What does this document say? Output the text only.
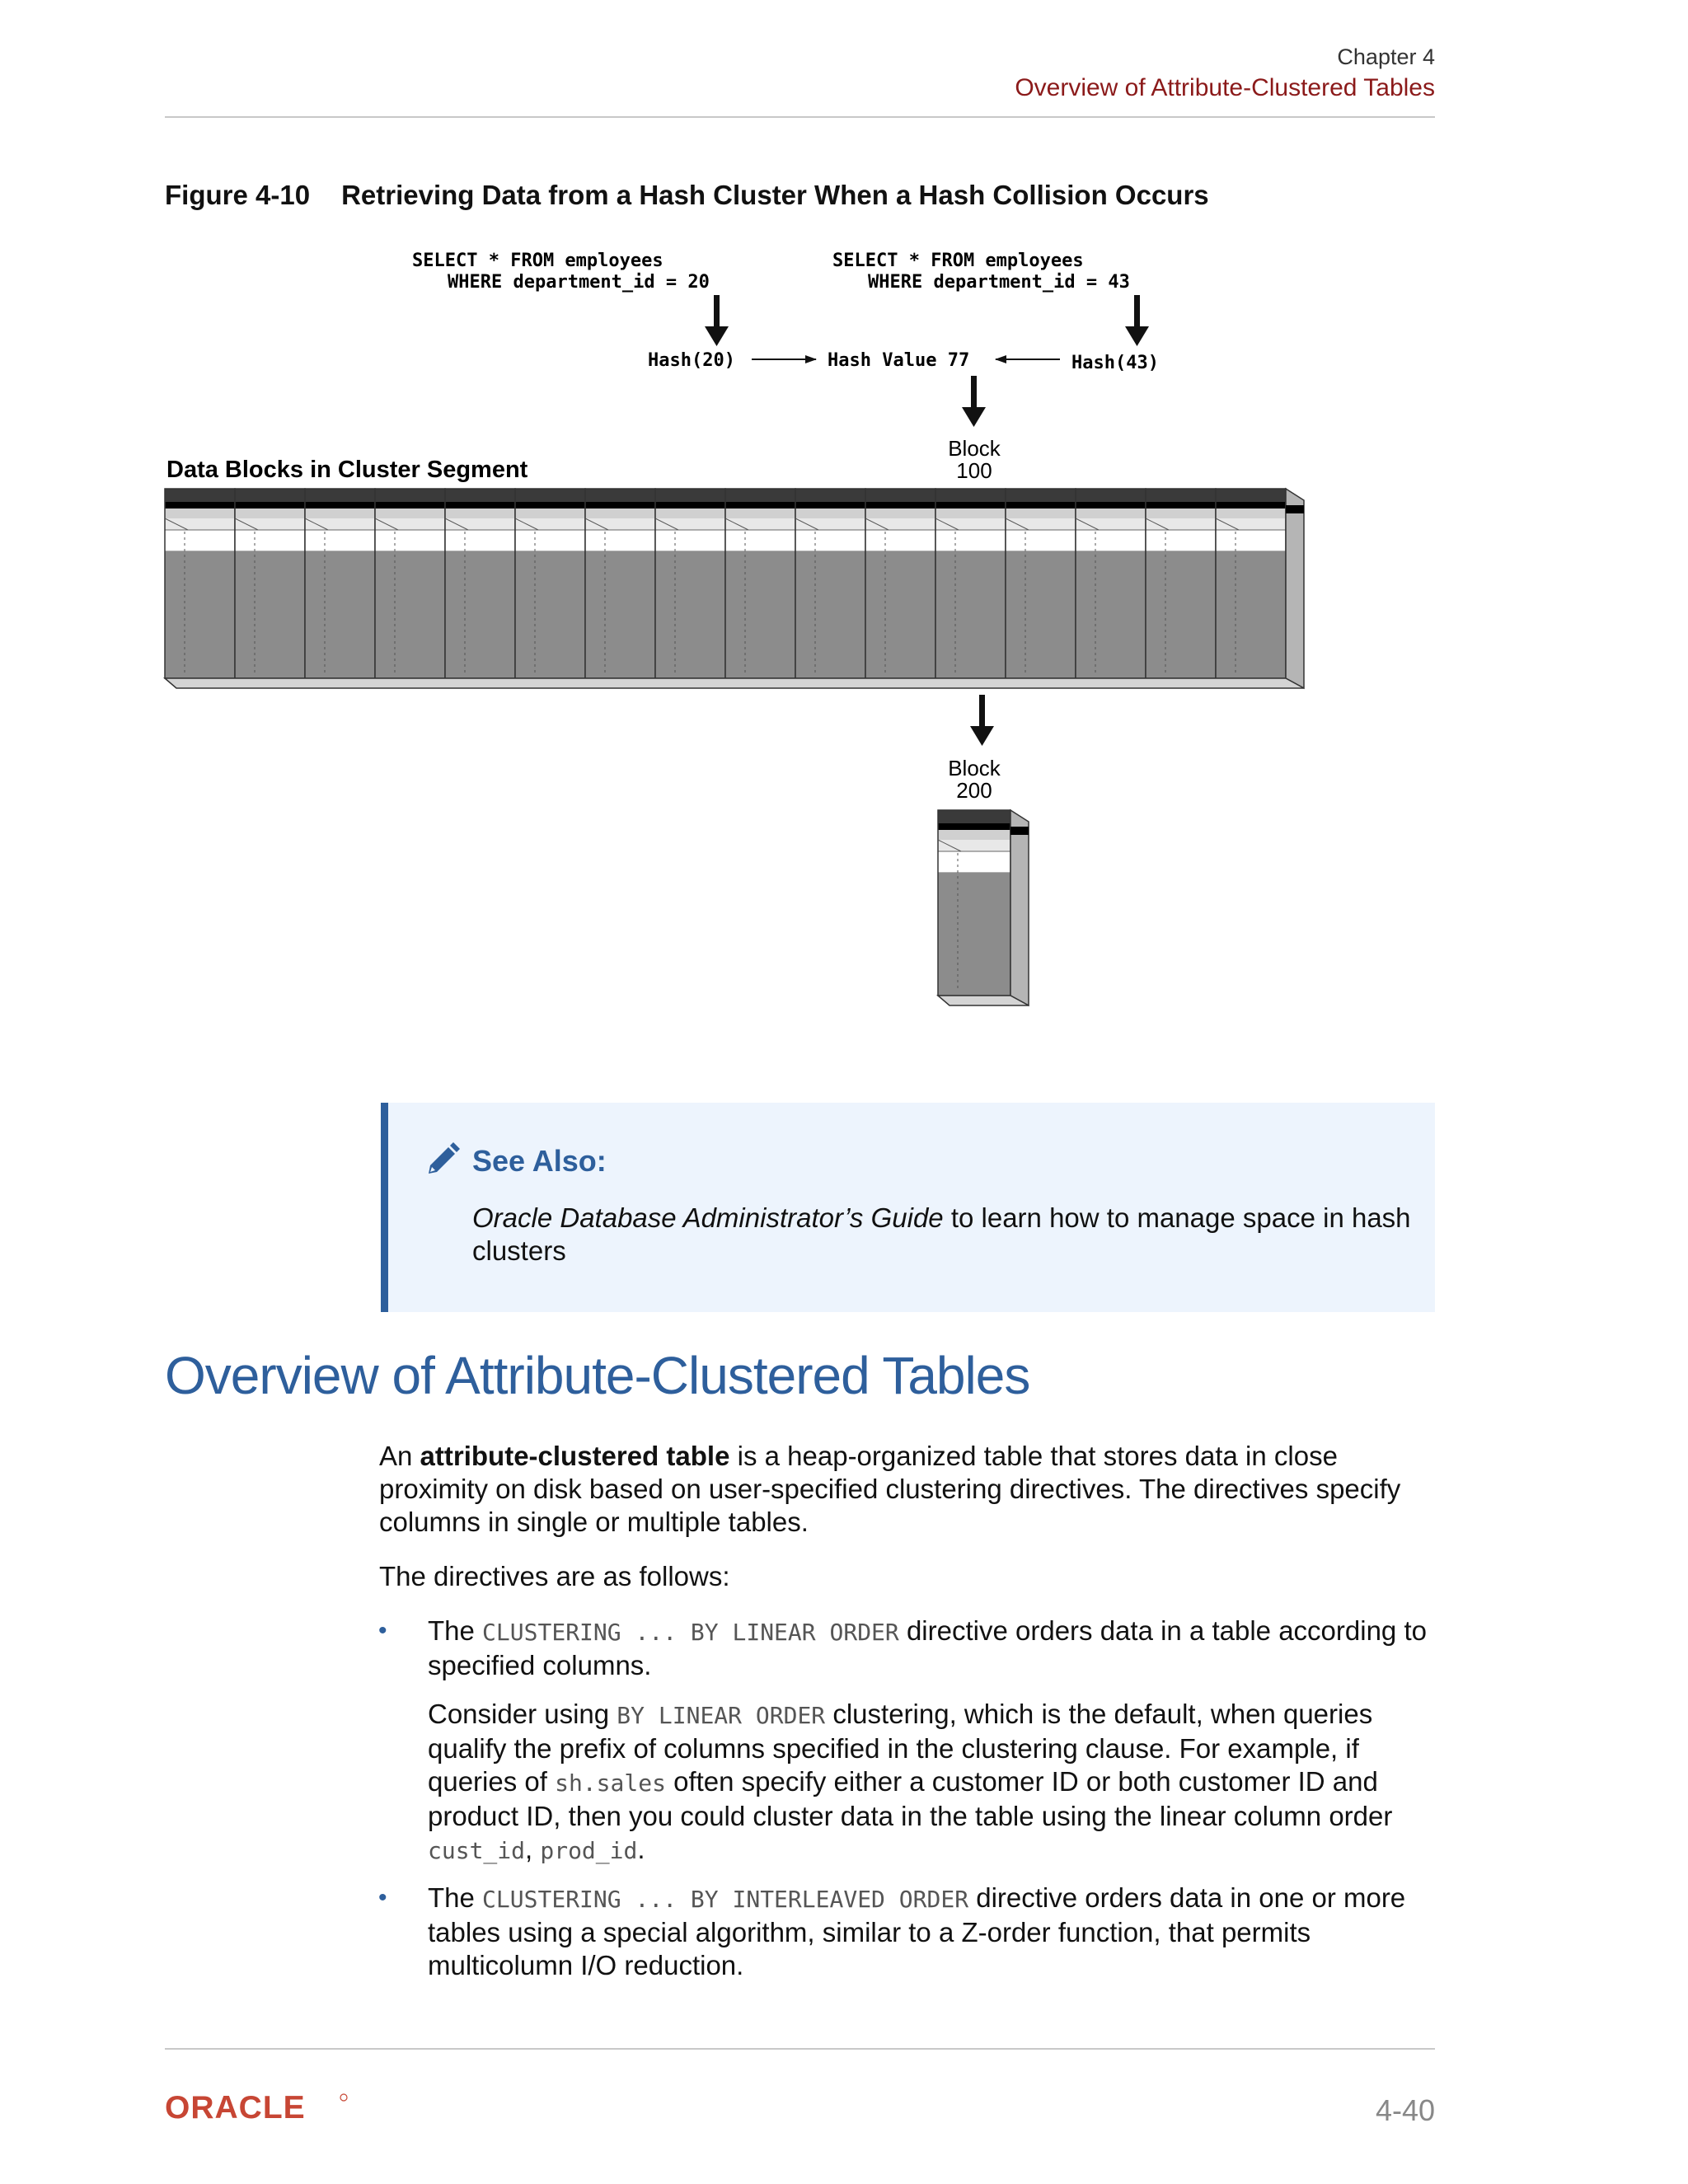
Chapter 4
Overview of Attribute-Clustered Tables
Figure 4-10 Retrieving Data from a Hash Cluster When a Hash Collision Occurs
SELECT * FROM employees
WHERE department_id = 20
SELECT * FROM employees
WHERE department_id = 43
Hash(20)	Hash Value 77	Hash(43)
Block
100
Data Blocks in Cluster Segment
Block
200
See Also:
Oracle Database Administrator’s Guide to learn how to manage space in hash clusters
Overview of Attribute-Clustered Tables
An attribute-clustered table is a heap-organized table that stores data in close proximity on disk based on user-specified clustering directives. The directives specify columns in single or multiple tables.
The directives are as follows:
• The CLUSTERING ... BY LINEAR ORDER directive orders data in a table according to specified columns.
Consider using BY LINEAR ORDER clustering, which is the default, when queries qualify the prefix of columns specified in the clustering clause. For example, if queries of sh.sales often specify either a customer ID or both customer ID and product ID, then you could cluster data in the table using the linear column order cust_id, prod_id.
• The CLUSTERING ... BY INTERLEAVED ORDER directive orders data in one or more tables using a special algorithm, similar to a Z-order function, that permits multicolumn I/O reduction.
ORACLE	4-40
